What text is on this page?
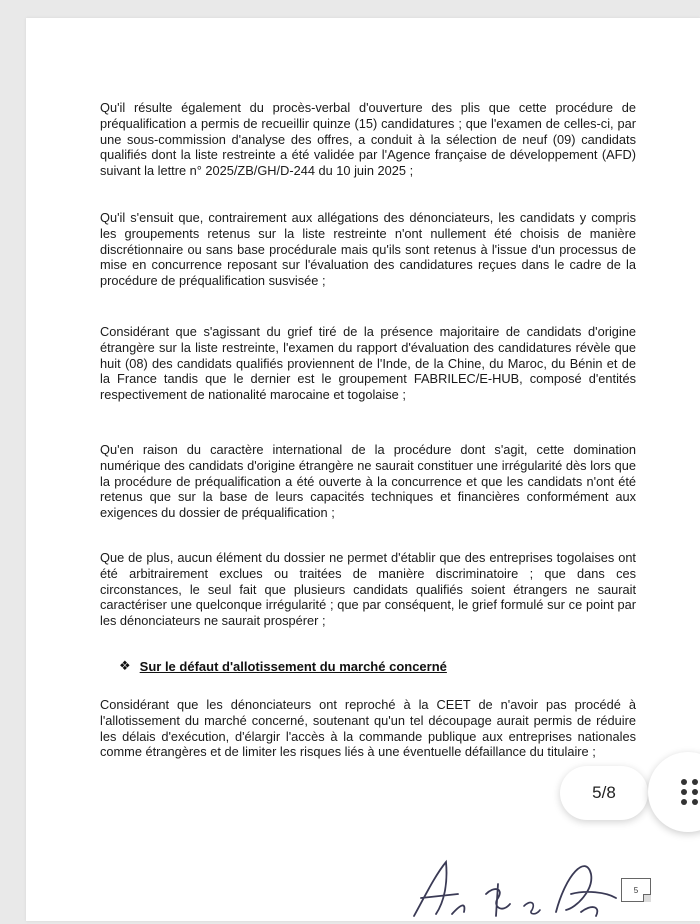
Qu'il résulte également du procès-verbal d'ouverture des plis que cette procédure de préqualification a permis de recueillir quinze (15) candidatures ; que l'examen de celles-ci, par une sous-commission d'analyse des offres, a conduit à la sélection de neuf (09) candidats qualifiés dont la liste restreinte a été validée par l'Agence française de développement (AFD) suivant la lettre n° 2025/ZB/GH/D-244 du 10 juin 2025 ;

Qu'il s'ensuit que, contrairement aux allégations des dénonciateurs, les candidats y compris les groupements retenus sur la liste restreinte n'ont nullement été choisis de manière discrétionnaire ou sans base procédurale mais qu'ils sont retenus à l'issue d'un processus de mise en concurrence reposant sur l'évaluation des candidatures reçues dans le cadre de la procédure de préqualification susvisée ;

Considérant que s'agissant du grief tiré de la présence majoritaire de candidats d'origine étrangère sur la liste restreinte, l'examen du rapport d'évaluation des candidatures révèle que huit (08) des candidats qualifiés proviennent de l'Inde, de la Chine, du Maroc, du Bénin et de la France tandis que le dernier est le groupement FABRILEC/E-HUB, composé d'entités respectivement de nationalité marocaine et togolaise ;

Qu'en raison du caractère international de la procédure dont s'agit, cette domination numérique des candidats d'origine étrangère ne saurait constituer une irrégularité dès lors que la procédure de préqualification a été ouverte à la concurrence et que les candidats n'ont été retenus que sur la base de leurs capacités techniques et financières conformément aux exigences du dossier de préqualification ;

Que de plus, aucun élément du dossier ne permet d'établir que des entreprises togolaises ont été arbitrairement exclues ou traitées de manière discriminatoire ; que dans ces circonstances, le seul fait que plusieurs candidats qualifiés soient étrangers ne saurait caractériser une quelconque irrégularité ; que par conséquent, le grief formulé sur ce point par les dénonciateurs ne saurait prospérer ;

❖ Sur le défaut d'allotissement du marché concerné

Considérant que les dénonciateurs ont reproché à la CEET de n'avoir pas procédé à l'allotissement du marché concerné, soutenant qu'un tel découpage aurait permis de réduire les délais d'exécution, d'élargir l'accès à la commande publique aux entreprises nationales comme étrangères et de limiter les risques liés à une éventuelle défaillance du titulaire ;

5
5/8
